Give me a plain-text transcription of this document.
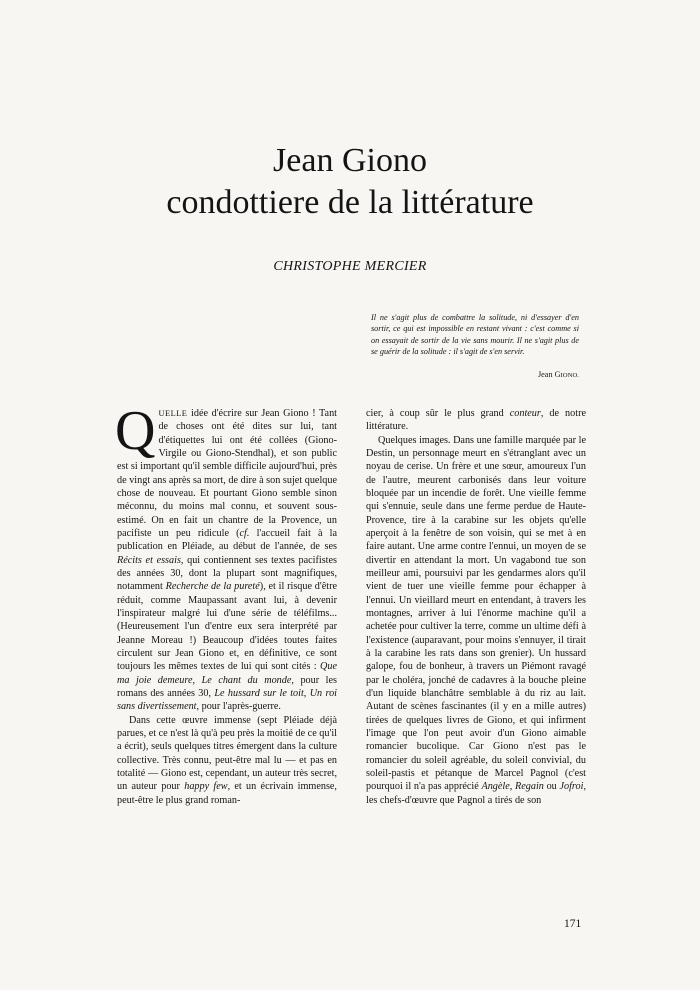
Jean Giono
condottiere de la littérature
CHRISTOPHE MERCIER

Il ne s'agit plus de combattre la solitude, ni d'essayer d'en sortir, ce qui est impossible en restant vivant : c'est comme si on essayait de sortir de la vie sans mourir. Il ne s'agit plus de se guérir de la solitude : il s'agit de s'en servir.

Jean GIONO.

QUELLE idée d'écrire sur Jean Giono ! Tant de choses ont été dites sur lui, tant d'étiquettes lui ont été collées (Giono-Virgile ou Giono-Stendhal), et son public est si important qu'il semble difficile aujourd'hui, près de vingt ans après sa mort, de dire à son sujet quelque chose de nouveau. Et pourtant Giono semble sinon méconnu, du moins mal connu, et souvent sous-estimé. On en fait un chantre de la Provence, un pacifiste un peu ridicule (cf. l'accueil fait à la publication en Pléiade, au début de l'année, de ses Récits et essais, qui contiennent ses textes pacifistes des années 30, dont la plupart sont magnifiques, notamment Recherche de la pureté), et il risque d'être réduit, comme Maupassant avant lui, à devenir l'inspirateur malgré lui d'une série de téléfilms... (Heureusement l'un d'entre eux sera interprété par Jeanne Moreau !) Beaucoup d'idées toutes faites circulent sur Jean Giono et, en définitive, ce sont toujours les mêmes textes de lui qui sont cités : Que ma joie demeure, Le chant du monde, pour les romans des années 30, Le hussard sur le toit, Un roi sans divertissement, pour l'après-guerre.

Dans cette œuvre immense (sept Pléiade déjà parues, et ce n'est là qu'à peu près la moitié de ce qu'il a écrit), seuls quelques titres émergent dans la culture collective. Très connu, peut-être mal lu — et pas en totalité — Giono est, cependant, un auteur très secret, un auteur pour happy few, et un écrivain immense, peut-être le plus grand roman-

cier, à coup sûr le plus grand conteur, de notre littérature.

Quelques images. Dans une famille marquée par le Destin, un personnage meurt en s'étranglant avec un noyau de cerise. Un frère et une sœur, amoureux l'un de l'autre, meurent carbonisés dans leur voiture bloquée par un incendie de forêt. Une vieille femme qui s'ennuie, seule dans une ferme perdue de Haute-Provence, tire à la carabine sur les objets qu'elle aperçoit à la fenêtre de son voisin, qui se met à en faire autant. Une arme contre l'ennui, un moyen de se divertir en attendant la mort. Un vagabond tue son meilleur ami, poursuivi par les gendarmes alors qu'il vient de tuer une vieille femme pour échapper à l'ennui. Un vieillard meurt en entendant, à travers les montagnes, arriver à lui l'énorme machine qu'il a achetée pour cultiver la terre, comme un ultime défi à l'existence (auparavant, pour moins s'ennuyer, il tirait à la carabine les rats dans son grenier). Un hussard galope, fou de bonheur, à travers un Piémont ravagé par le choléra, jonché de cadavres à la bouche pleine d'un liquide blanchâtre semblable à du riz au lait. Autant de scènes fascinantes (il y en a mille autres) tirées de quelques livres de Giono, et qui infirment l'image que l'on peut avoir d'un Giono aimable romancier bucolique. Car Giono n'est pas le romancier du soleil agréable, du soleil convivial, du soleil-pastis et pétanque de Marcel Pagnol (c'est pourquoi il n'a pas apprécié Angèle, Regain ou Jofroi, les chefs-d'œuvre que Pagnol a tirés de son

171
